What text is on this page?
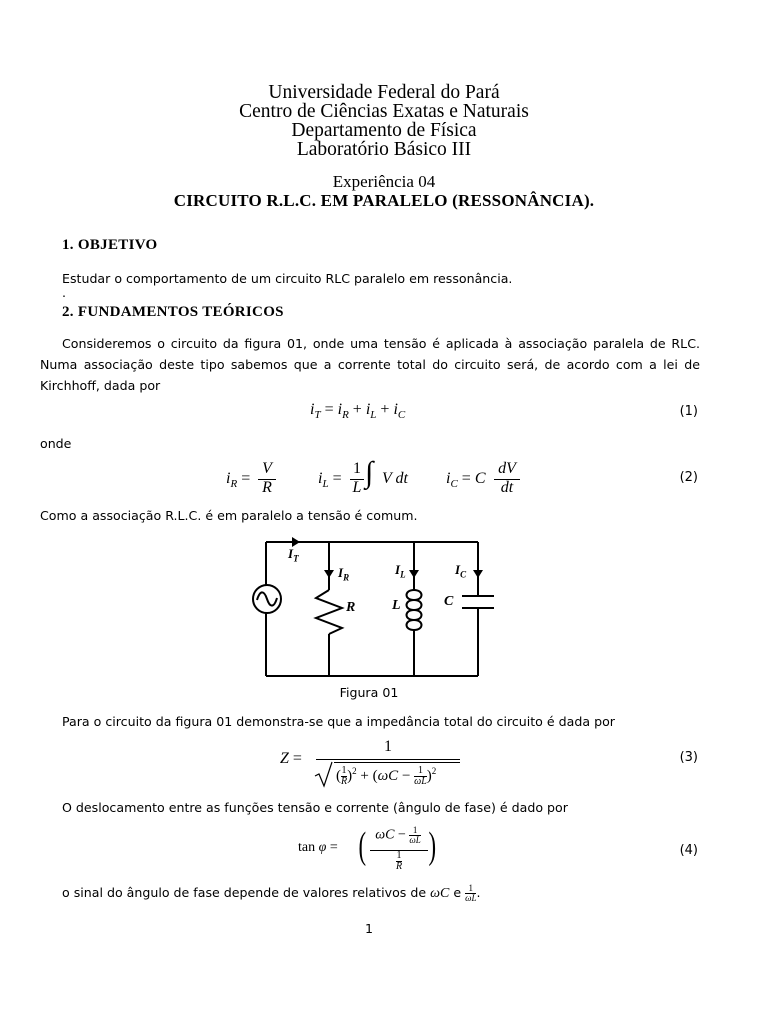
Universidade Federal do Pará
Centro de Ciências Exatas e Naturais
Departamento de Física
Laboratório Básico III
Experiência 04
CIRCUITO R.L.C. EM PARALELO (RESSONÂNCIA).
1. OBJETIVO
Estudar o comportamento de um circuito RLC paralelo em ressonância.
.
2. FUNDAMENTOS TEÓRICOS
Consideremos o circuito da figura 01, onde uma tensão é aplicada à associação paralela de RLC. Numa associação deste tipo sabemos que a corrente total do circuito será, de acordo com a lei de Kirchhoff, dada por
$i_T = i_R + i_L + i_C$	(1)
onde
$i_R$ =
V
R
$i_L$ =
1
L ∫ V dt $i_C = C$
dV
dt
(2)
Como a associação R.L.C. é em paralelo a tensão é comum.
$I_T$
$I_R$
$I_L$	$I_C$
R	L	C
Figura 01
Para o circuito da figura 01 demonstra-se que a impedância total do circuito é dada por
Z =
1
(1
R)$^2$ + (ωC − 1
ωL)$^2$
(3)
O deslocamento entre as funções tensão e corrente (ângulo de fase) é dado por
tan φ = ( ωC − 1
ωL
1
R )	(4)
o sinal do ângulo de fase depende de valores relativos de ωC e 1
ωL.
1
